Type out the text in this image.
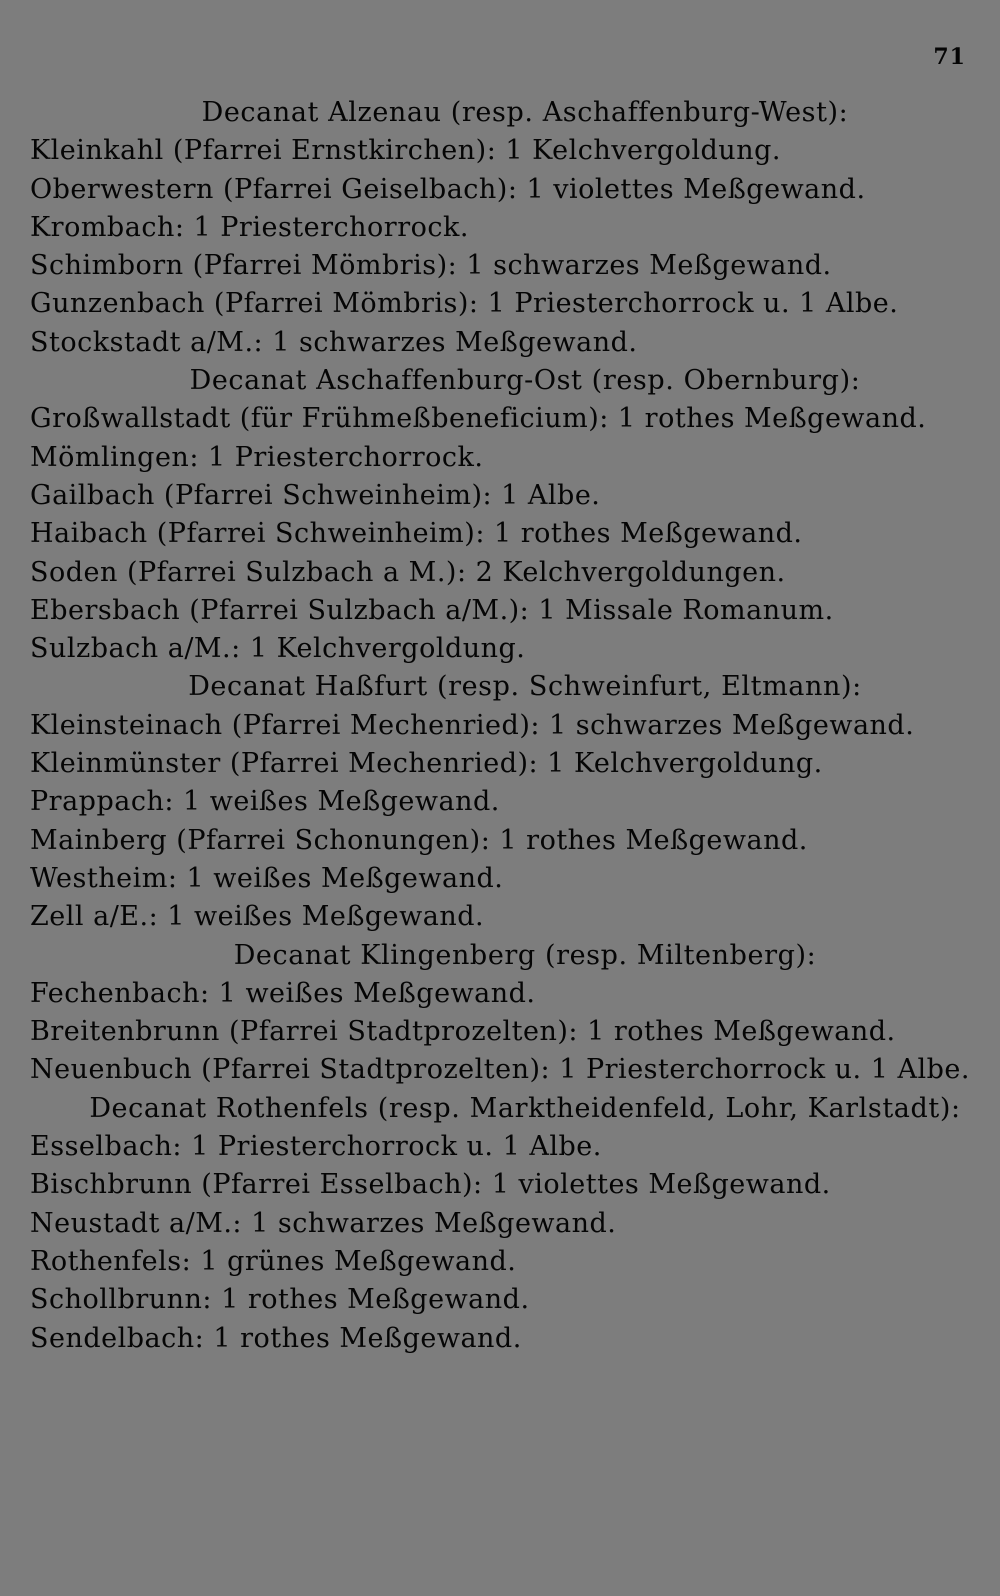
71
Decanat Alzenau (resp. Aschaffenburg-West):
Kleinkahl (Pfarrei Ernstkirchen): 1 Kelchvergoldung.
Oberwestern (Pfarrei Geiselbach): 1 violettes Meßgewand.
Krombach: 1 Priesterchorrock.
Schimborn (Pfarrei Mömbris): 1 schwarzes Meßgewand.
Gunzenbach (Pfarrei Mömbris): 1 Priesterchorrock u. 1 Albe.
Stockstadt a/M.: 1 schwarzes Meßgewand.
Decanat Aschaffenburg-Ost (resp. Obernburg):
Großwallstadt (für Frühmeßbeneficium): 1 rothes Meßgewand.
Mömlingen: 1 Priesterchorrock.
Gailbach (Pfarrei Schweinheim): 1 Albe.
Haibach (Pfarrei Schweinheim): 1 rothes Meßgewand.
Soden (Pfarrei Sulzbach a M.): 2 Kelchvergoldungen.
Ebersbach (Pfarrei Sulzbach a/M.): 1 Missale Romanum.
Sulzbach a/M.: 1 Kelchvergoldung.
Decanat Haßfurt (resp. Schweinfurt, Eltmann):
Kleinsteinach (Pfarrei Mechenried): 1 schwarzes Meßgewand.
Kleinmünster (Pfarrei Mechenried): 1 Kelchvergoldung.
Prappach: 1 weißes Meßgewand.
Mainberg (Pfarrei Schonungen): 1 rothes Meßgewand.
Westheim: 1 weißes Meßgewand.
Zell a/E.: 1 weißes Meßgewand.
Decanat Klingenberg (resp. Miltenberg):
Fechenbach: 1 weißes Meßgewand.
Breitenbrunn (Pfarrei Stadtprozelten): 1 rothes Meßgewand.
Neuenbuch (Pfarrei Stadtprozelten): 1 Priesterchorrock u. 1 Albe.
Decanat Rothenfels (resp. Marktheidenfeld, Lohr, Karlstadt):
Esselbach: 1 Priesterchorrock u. 1 Albe.
Bischbrunn (Pfarrei Esselbach): 1 violettes Meßgewand.
Neustadt a/M.: 1 schwarzes Meßgewand.
Rothenfels: 1 grünes Meßgewand.
Schollbrunn: 1 rothes Meßgewand.
Sendelbach: 1 rothes Meßgewand.
